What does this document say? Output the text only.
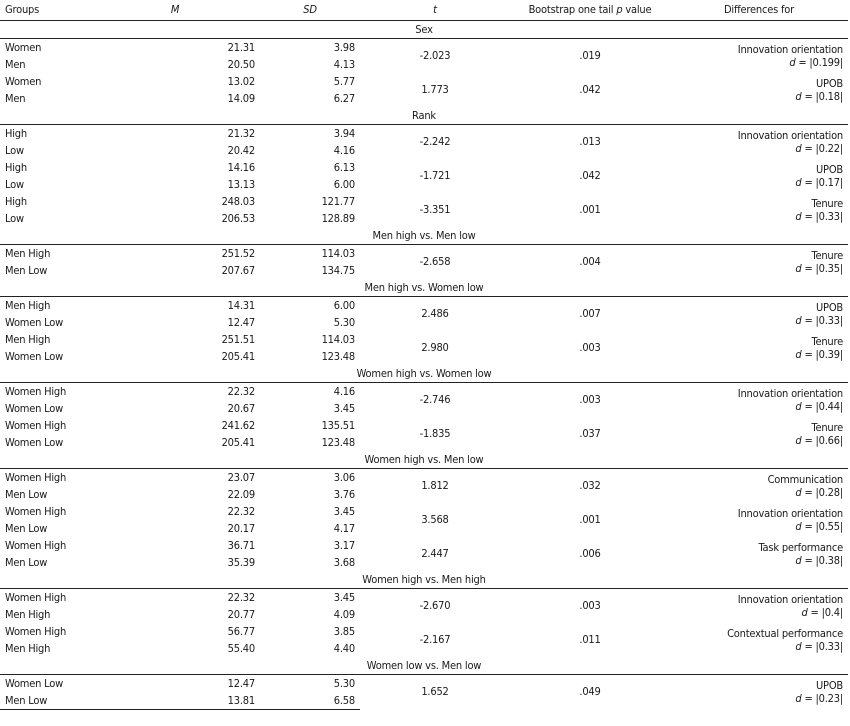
Groups	M	SD	t	Bootstrap one tail p value	Differences for
Sex					
Women	21.31	3.98	-2.023	.019	Innovation orientation
d = |0.199|

Men	20.50	4.13			
Women	13.02	5.77	1.773	.042	UPOB
d = |0.18|

Men	14.09	6.27			
Rank					
High	21.32	3.94	-2.242	.013	Innovation orientation
d = |0.22|

Low	20.42	4.16			
High	14.16	6.13	-1.721	.042	UPOB
d = |0.17|

Low	13.13	6.00			
High	248.03	121.77	-3.351	.001	Tenure
d = |0.33|

Low	206.53	128.89			
Men high vs. Men low					
Men High	251.52	114.03	-2.658	.004	Tenure
d = |0.35|

Men Low	207.67	134.75			
Men high vs. Women low					
Men High	14.31	6.00	2.486	.007	UPOB
d = |0.33|

Women Low	12.47	5.30			
Men High	251.51	114.03	2.980	.003	Tenure
d = |0.39|

Women Low	205.41	123.48			
Women high vs. Women low					
Women High	22.32	4.16	-2.746	.003	Innovation orientation
d = |0.44|

Women Low	20.67	3.45			
Women High	241.62	135.51	-1.835	.037	Tenure
d = |0.66|

Women Low	205.41	123.48			
Women high vs. Men low					
Women High	23.07	3.06	1.812	.032	Communication
d = |0.28|

Men Low	22.09	3.76			
Women High	22.32	3.45	3.568	.001	Innovation orientation
d = |0.55|

Men Low	20.17	4.17			
Women High	36.71	3.17	2.447	.006	Task performance
d = |0.38|

Men Low	35.39	3.68			
Women high vs. Men high					
Women High	22.32	3.45	-2.670	.003	Innovation orientation
d = |0.4|

Men High	20.77	4.09			
Women High	56.77	3.85	-2.167	.011	Contextual performance
d = |0.33|

Men High	55.40	4.40			
Women low vs. Men low					
Women Low	12.47	5.30	1.652	.049	UPOB
d = |0.23|

Men Low	13.81	6.58			
